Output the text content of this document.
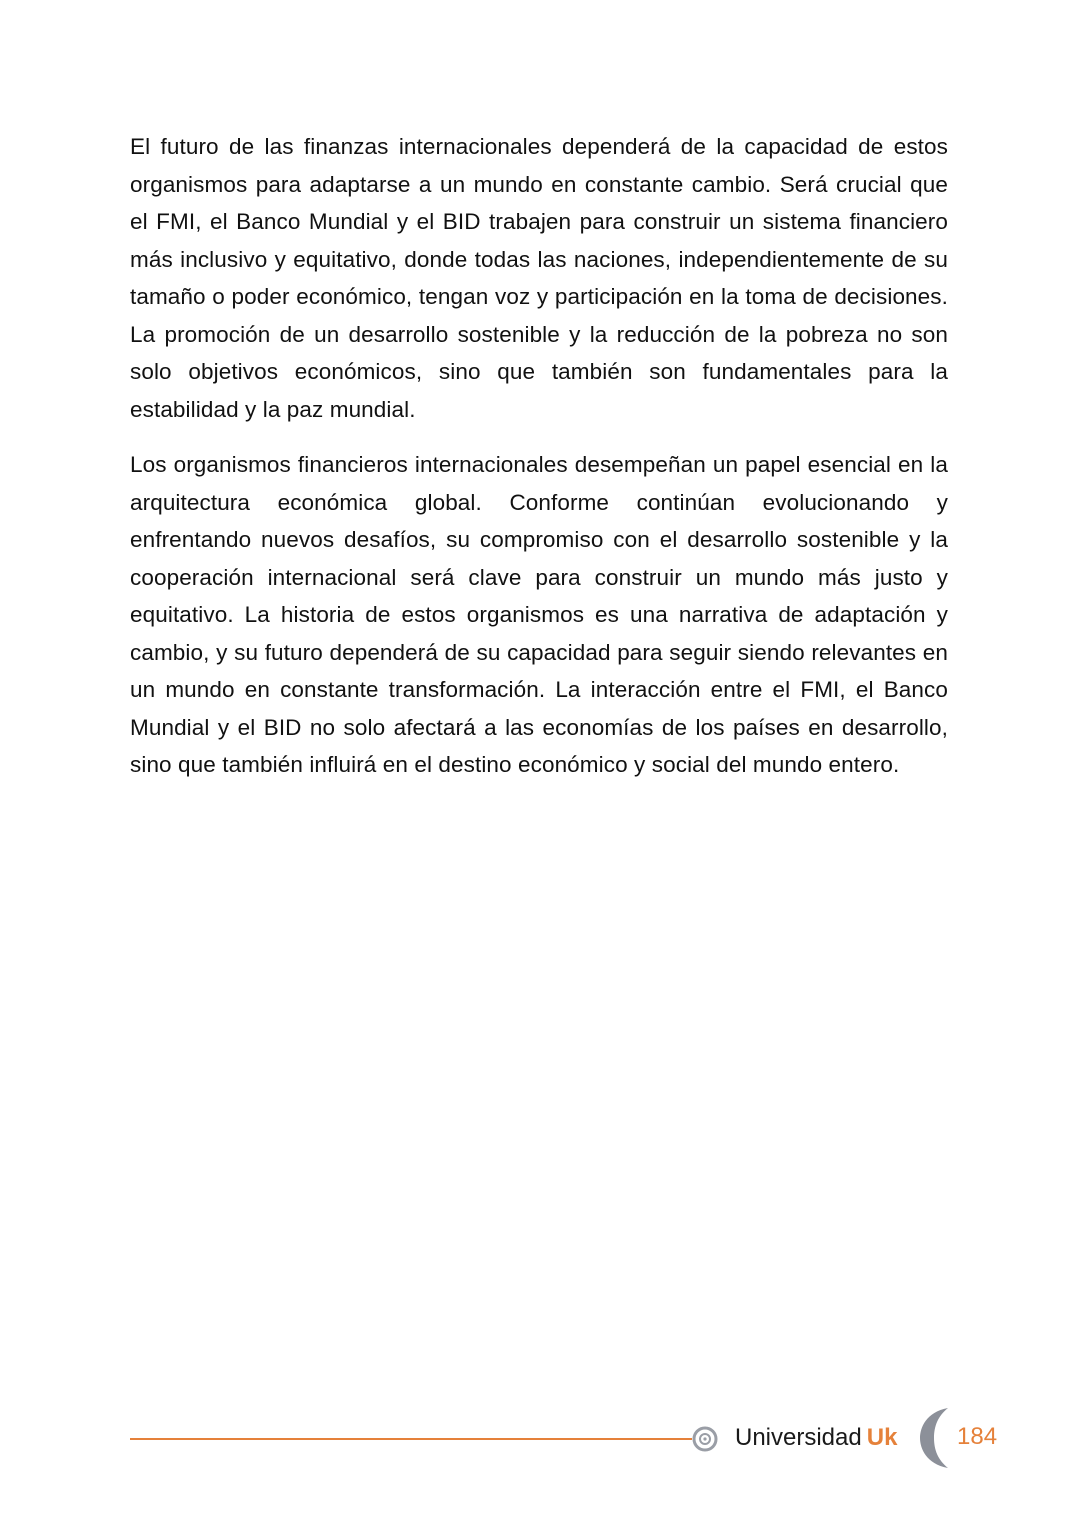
El futuro de las finanzas internacionales dependerá de la capacidad de estos organismos para adaptarse a un mundo en constante cambio. Será crucial que el FMI, el Banco Mundial y el BID trabajen para construir un sistema financiero más inclusivo y equitativo, donde todas las naciones, independientemente de su tamaño o poder económico, tengan voz y participación en la toma de decisiones. La promoción de un desarrollo sostenible y la reducción de la pobreza no son solo objetivos económicos, sino que también son fundamentales para la estabilidad y la paz mundial.

Los organismos financieros internacionales desempeñan un papel esencial en la arquitectura económica global. Conforme continúan evolucionando y enfrentando nuevos desafíos, su compromiso con el desarrollo sostenible y la cooperación internacional será clave para construir un mundo más justo y equitativo. La historia de estos organismos es una narrativa de adaptación y cambio, y su futuro dependerá de su capacidad para seguir siendo relevantes en un mundo en constante transformación. La interacción entre el FMI, el Banco Mundial y el BID no solo afectará a las economías de los países en desarrollo, sino que también influirá en el destino económico y social del mundo entero.

Universidad Uk 184
